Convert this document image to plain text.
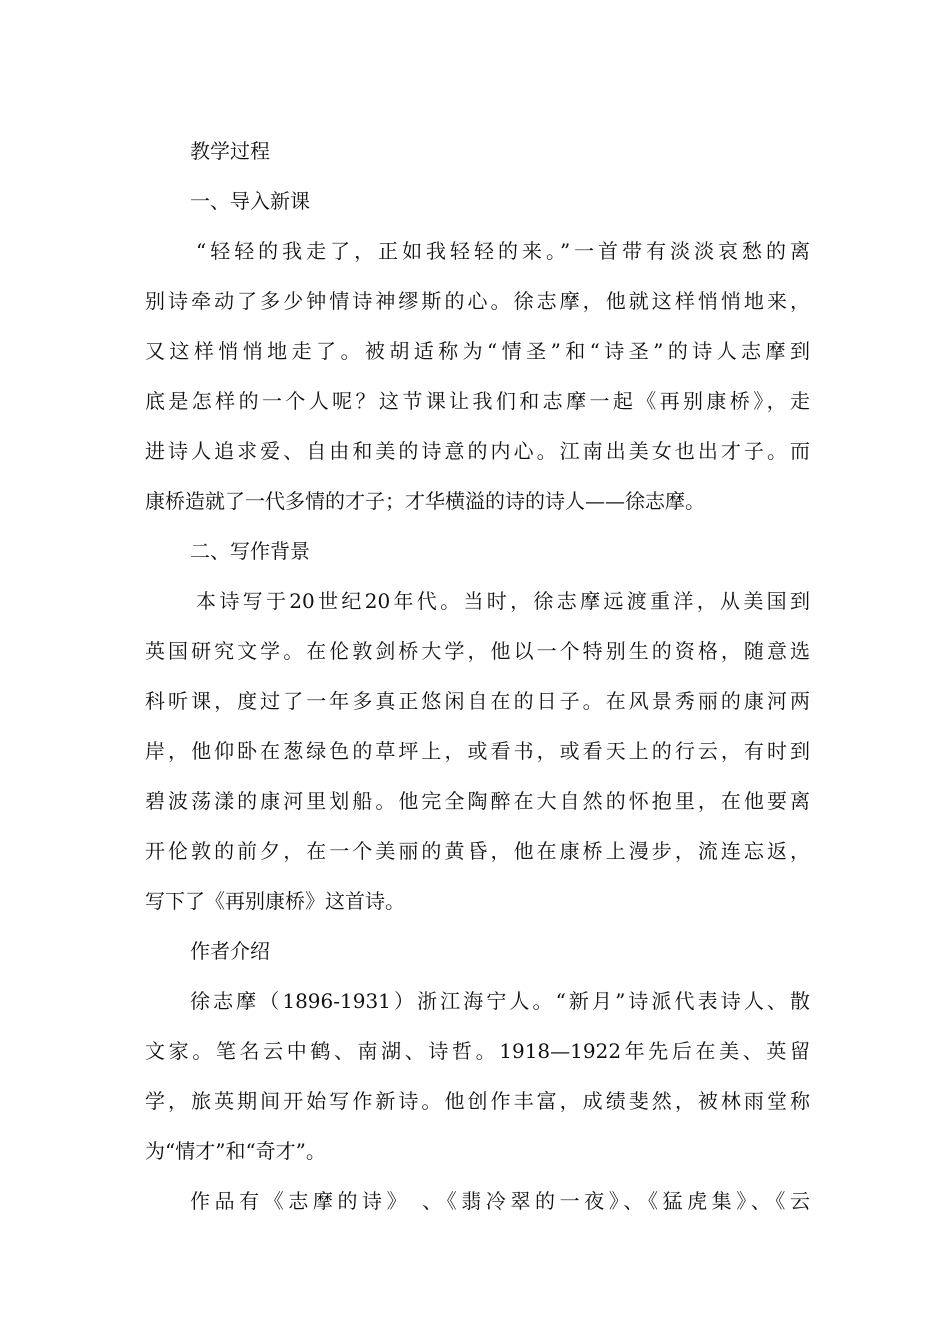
教学过程
一、导入新课
“轻轻的我走了，正如我轻轻的来。”一首带有淡淡哀愁的离
别诗牵动了多少钟情诗神缪斯的心。徐志摩，他就这样悄悄地来，
又这样悄悄地走了。被胡适称为“情圣”和“诗圣”的诗人志摩到
底是怎样的一个人呢？这节课让我们和志摩一起《再别康桥》，走
进诗人追求爱、自由和美的诗意的内心。江南出美女也出才子。而
康桥造就了一代多情的才子；才华横溢的诗的诗人——徐志摩。
二、写作背景
本诗写于20世纪20年代。当时，徐志摩远渡重洋，从美国到
英国研究文学。在伦敦剑桥大学，他以一个特别生的资格，随意选
科听课，度过了一年多真正悠闲自在的日子。在风景秀丽的康河两
岸，他仰卧在葱绿色的草坪上，或看书，或看天上的行云，有时到
碧波荡漾的康河里划船。他完全陶醉在大自然的怀抱里，在他要离
开伦敦的前夕，在一个美丽的黄昏，他在康桥上漫步，流连忘返，
写下了《再别康桥》这首诗。
作者介绍
徐志摩（1896-1931）浙江海宁人。“新月”诗派代表诗人、散
文家。笔名云中鹤、南湖、诗哲。1918—1922年先后在美、英留
学，旅英期间开始写作新诗。他创作丰富，成绩斐然，被林雨堂称
为“情才”和“奇才”。
作品有《志摩的诗》 、《翡冷翠的一夜》、《猛虎集》、《云
